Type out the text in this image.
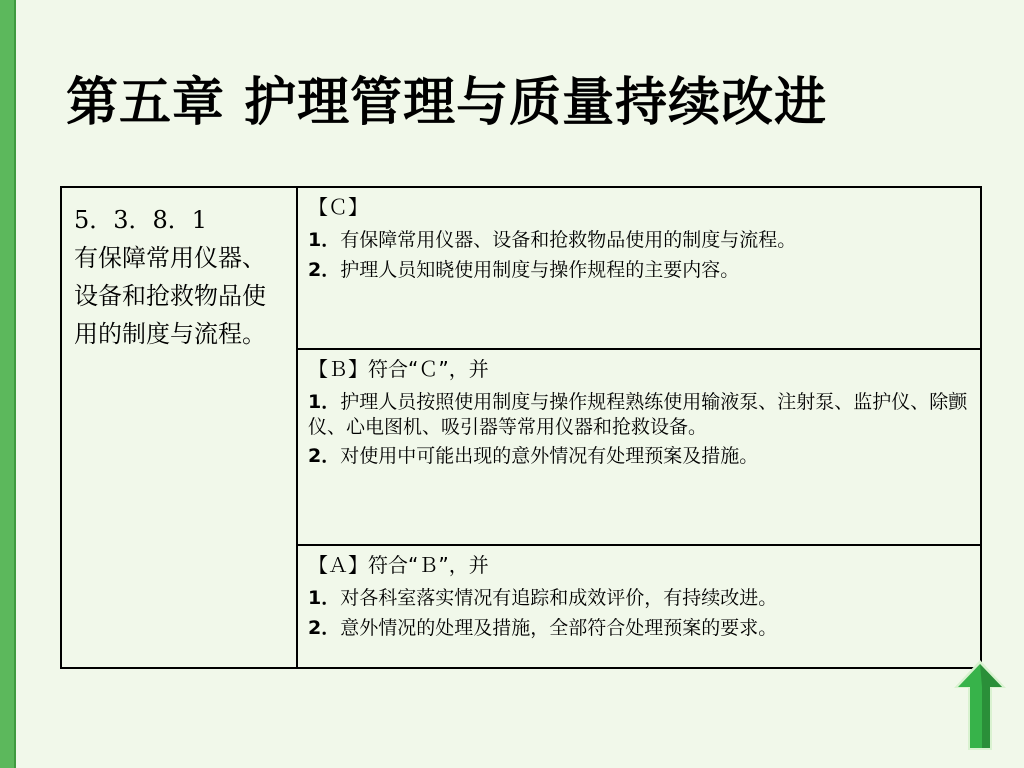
第五章 护理管理与质量持续改进
5．3．8．1
有保障常用仪器、设备和抢救物品使用的制度与流程。

【Ｃ】
1．有保障常用仪器、设备和抢救物品使用的制度与流程。
2．护理人员知晓使用制度与操作规程的主要内容。

【Ｂ】符合“Ｃ”，并
1．护理人员按照使用制度与操作规程熟练使用输液泵、注射泵、监护仪、除颤 仪、心电图机、吸引器等常用仪器和抢救设备。
2．对使用中可能出现的意外情况有处理预案及措施。

【Ａ】符合“Ｂ”，并
1．对各科室落实情况有追踪和成效评价，有持续改进。
2．意外情况的处理及措施，全部符合处理预案的要求。
